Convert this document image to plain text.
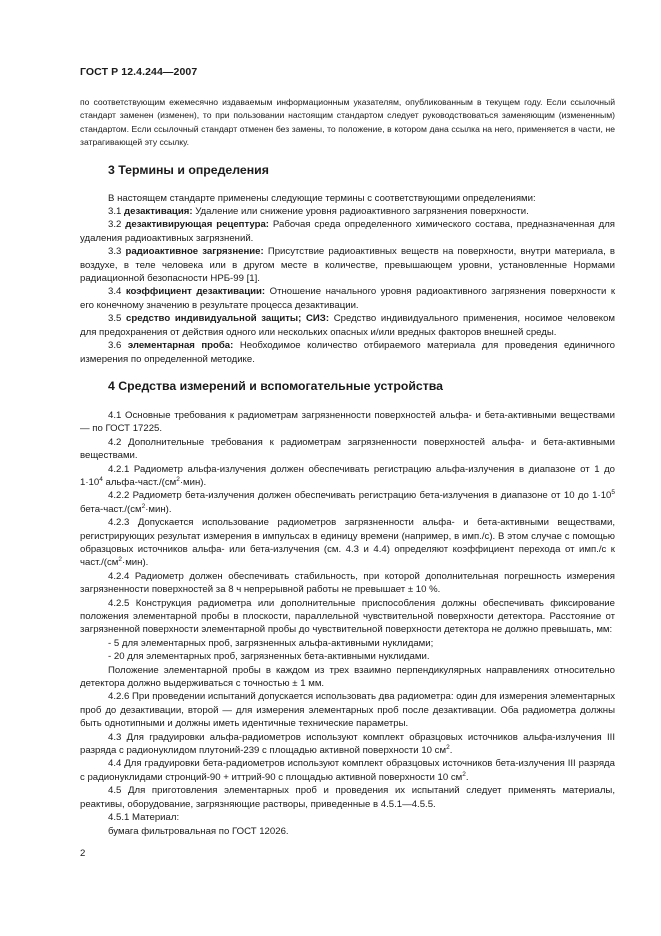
ГОСТ Р 12.4.244—2007

по соответствующим ежемесячно издаваемым информационным указателям, опубликованным в текущем году. Если ссылочный стандарт заменен (изменен), то при пользовании настоящим стандартом следует руководствоваться заменяющим (измененным) стандартом. Если ссылочный стандарт отменен без замены, то положение, в котором дана ссылка на него, применяется в части, не затрагивающей эту ссылку.

3 Термины и определения

В настоящем стандарте применены следующие термины с соответствующими определениями:

3.1 дезактивация: Удаление или снижение уровня радиоактивного загрязнения поверхности.

3.2 дезактивирующая рецептура: Рабочая среда определенного химического состава, предназначенная для удаления радиоактивных загрязнений.

3.3 радиоактивное загрязнение: Присутствие радиоактивных веществ на поверхности, внутри материала, в воздухе, в теле человека или в другом месте в количестве, превышающем уровни, установленные Нормами радиационной безопасности НРБ-99 [1].

3.4 коэффициент дезактивации: Отношение начального уровня радиоактивного загрязнения поверхности к его конечному значению в результате процесса дезактивации.

3.5 средство индивидуальной защиты; СИЗ: Средство индивидуального применения, носимое человеком для предохранения от действия одного или нескольких опасных и/или вредных факторов внешней среды.

3.6 элементарная проба: Необходимое количество отбираемого материала для проведения единичного измерения по определенной методике.

4 Средства измерений и вспомогательные устройства

4.1 Основные требования к радиометрам загрязненности поверхностей альфа- и бета-активными веществами — по ГОСТ 17225.

4.2 Дополнительные требования к радиометрам загрязненности поверхностей альфа- и бета-активными веществами.

4.2.1 Радиометр альфа-излучения должен обеспечивать регистрацию альфа-излучения в диапазоне от 1 до $1\cdot 10^4$ альфа-$част./(см^2\cdot мин)$.

4.2.2 Радиометр бета-излучения должен обеспечивать регистрацию бета-излучения в диапазоне от 10 до $1\cdot 10^5$ бета-$част./(см^2\cdot мин)$.

4.2.3 Допускается использование радиометров загрязненности альфа- и бета-активными веществами, регистрирующих результат измерения в импульсах в единицу времени (например, в имп./с). В этом случае с помощью образцовых источников альфа- или бета-излучения (см. 4.3 и 4.4) определяют коэффициент перехода от имп./с к $част./(см^2\cdot мин)$.

4.2.4 Радиометр должен обеспечивать стабильность, при которой дополнительная погрешность измерения загрязненности поверхностей за 8 ч непрерывной работы не превышает ± 10 %.

4.2.5 Конструкция радиометра или дополнительные приспособления должны обеспечивать фиксирование положения элементарной пробы в плоскости, параллельной чувствительной поверхности детектора. Расстояние от загрязненной поверхности элементарной пробы до чувствительной поверхности детектора не должно превышать, мм:

- 5 для элементарных проб, загрязненных альфа-активными нуклидами;

- 20 для элементарных проб, загрязненных бета-активными нуклидами.

Положение элементарной пробы в каждом из трех взаимно перпендикулярных направлениях относительно детектора должно выдерживаться с точностью ± 1 мм.

4.2.6 При проведении испытаний допускается использовать два радиометра: один для измерения элементарных проб до дезактивации, второй — для измерения элементарных проб после дезактивации. Оба радиометра должны быть однотипными и должны иметь идентичные технические параметры.

4.3 Для градуировки альфа-радиометров используют комплект образцовых источников альфа-излучения III разряда с радионуклидом плутоний-239 с площадью активной поверхности 10 $см^2$.

4.4 Для градуировки бета-радиометров используют комплект образцовых источников бета-излучения III разряда с радионуклидами стронций-90 + иттрий-90 с площадью активной поверхности 10 $см^2$.

4.5 Для приготовления элементарных проб и проведения их испытаний следует применять материалы, реактивы, оборудование, загрязняющие растворы, приведенные в 4.5.1—4.5.5.

4.5.1 Материал:

бумага фильтровальная по ГОСТ 12026.

2
